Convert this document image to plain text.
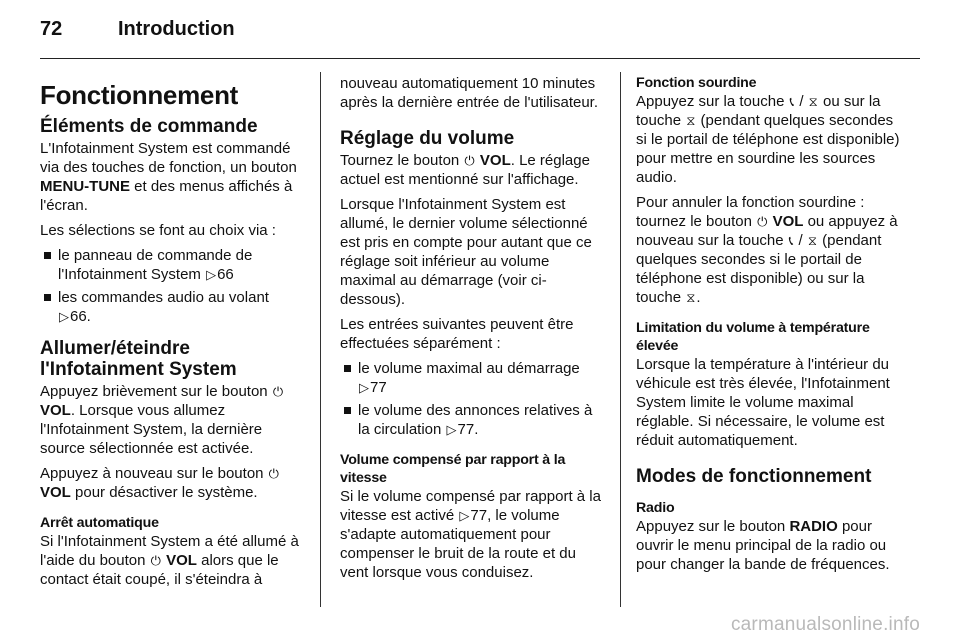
72	Introduction
Fonctionnement
Éléments de commande

L'Infotainment System est commandé via des touches de fonction, un bouton MENU-TUNE et des menus affichés à l'écran.

Les sélections se font au choix via :

le panneau de commande de l'Infotainment System ▷66
les commandes audio au volant ▷66.
Allumer/éteindre l'Infotainment System

Appuyez brièvement sur le bouton ⏻ VOL. Lorsque vous allumez l'Infotainment System, la dernière source sélectionnée est activée.

Appuyez à nouveau sur le bouton ⏻ VOL pour désactiver le système.

Arrêt automatique

Si l'Infotainment System a été allumé à l'aide du bouton ⏻ VOL alors que le contact était coupé, il s'éteindra à

nouveau automatiquement 10 minutes après la dernière entrée de l'utilisateur.

Réglage du volume

Tournez le bouton ⏻ VOL. Le réglage actuel est mentionné sur l'affichage.

Lorsque l'Infotainment System est allumé, le dernier volume sélectionné est pris en compte pour autant que ce réglage soit inférieur au volume maximal au démarrage (voir ci-dessous).

Les entrées suivantes peuvent être effectuées séparément :

le volume maximal au démarrage ▷77
le volume des annonces relatives à la circulation ▷77.
Volume compensé par rapport à la vitesse

Si le volume compensé par rapport à la vitesse est activé ▷77, le volume s'adapte automatiquement pour compenser le bruit de la route et du vent lorsque vous conduisez.

Fonction sourdine

Appuyez sur la touche 📞︎ / ⧖ ou sur la touche ⧖ (pendant quelques secondes si le portail de téléphone est disponible) pour mettre en sourdine les sources audio.

Pour annuler la fonction sourdine : tournez le bouton ⏻ VOL ou appuyez à nouveau sur la touche 📞︎ / ⧖ (pendant quelques secondes si le portail de téléphone est disponible) ou sur la touche ⧖.

Limitation du volume à température élevée

Lorsque la température à l'intérieur du véhicule est très élevée, l'Infotainment System limite le volume maximal réglable. Si nécessaire, le volume est réduit automatiquement.

Modes de fonctionnement
Radio

Appuyez sur le bouton RADIO pour ouvrir le menu principal de la radio ou pour changer la bande de fréquences.

carmanualsonline.info
